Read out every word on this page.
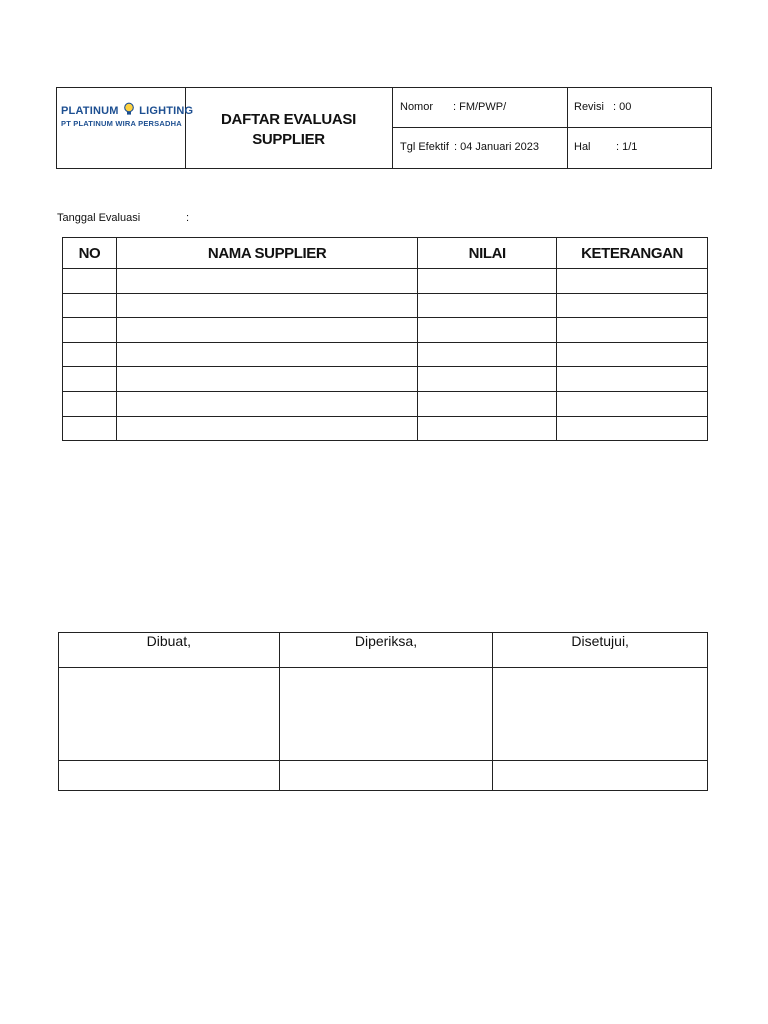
PLATINUM LIGHTING
PT PLATINUM WIRA PERSADHA	DAFTAR EVALUASI
SUPPLIER
Nomor : FM/PWP/	Revisi : 00
Tgl Efektif : 04 Januari 2023	Hal : 1/1
Tanggal Evaluasi	:
NO	NAMA SUPPLIER	NILAI	KETERANGAN

Dibuat,	Diperiksa,	Disetujui,
